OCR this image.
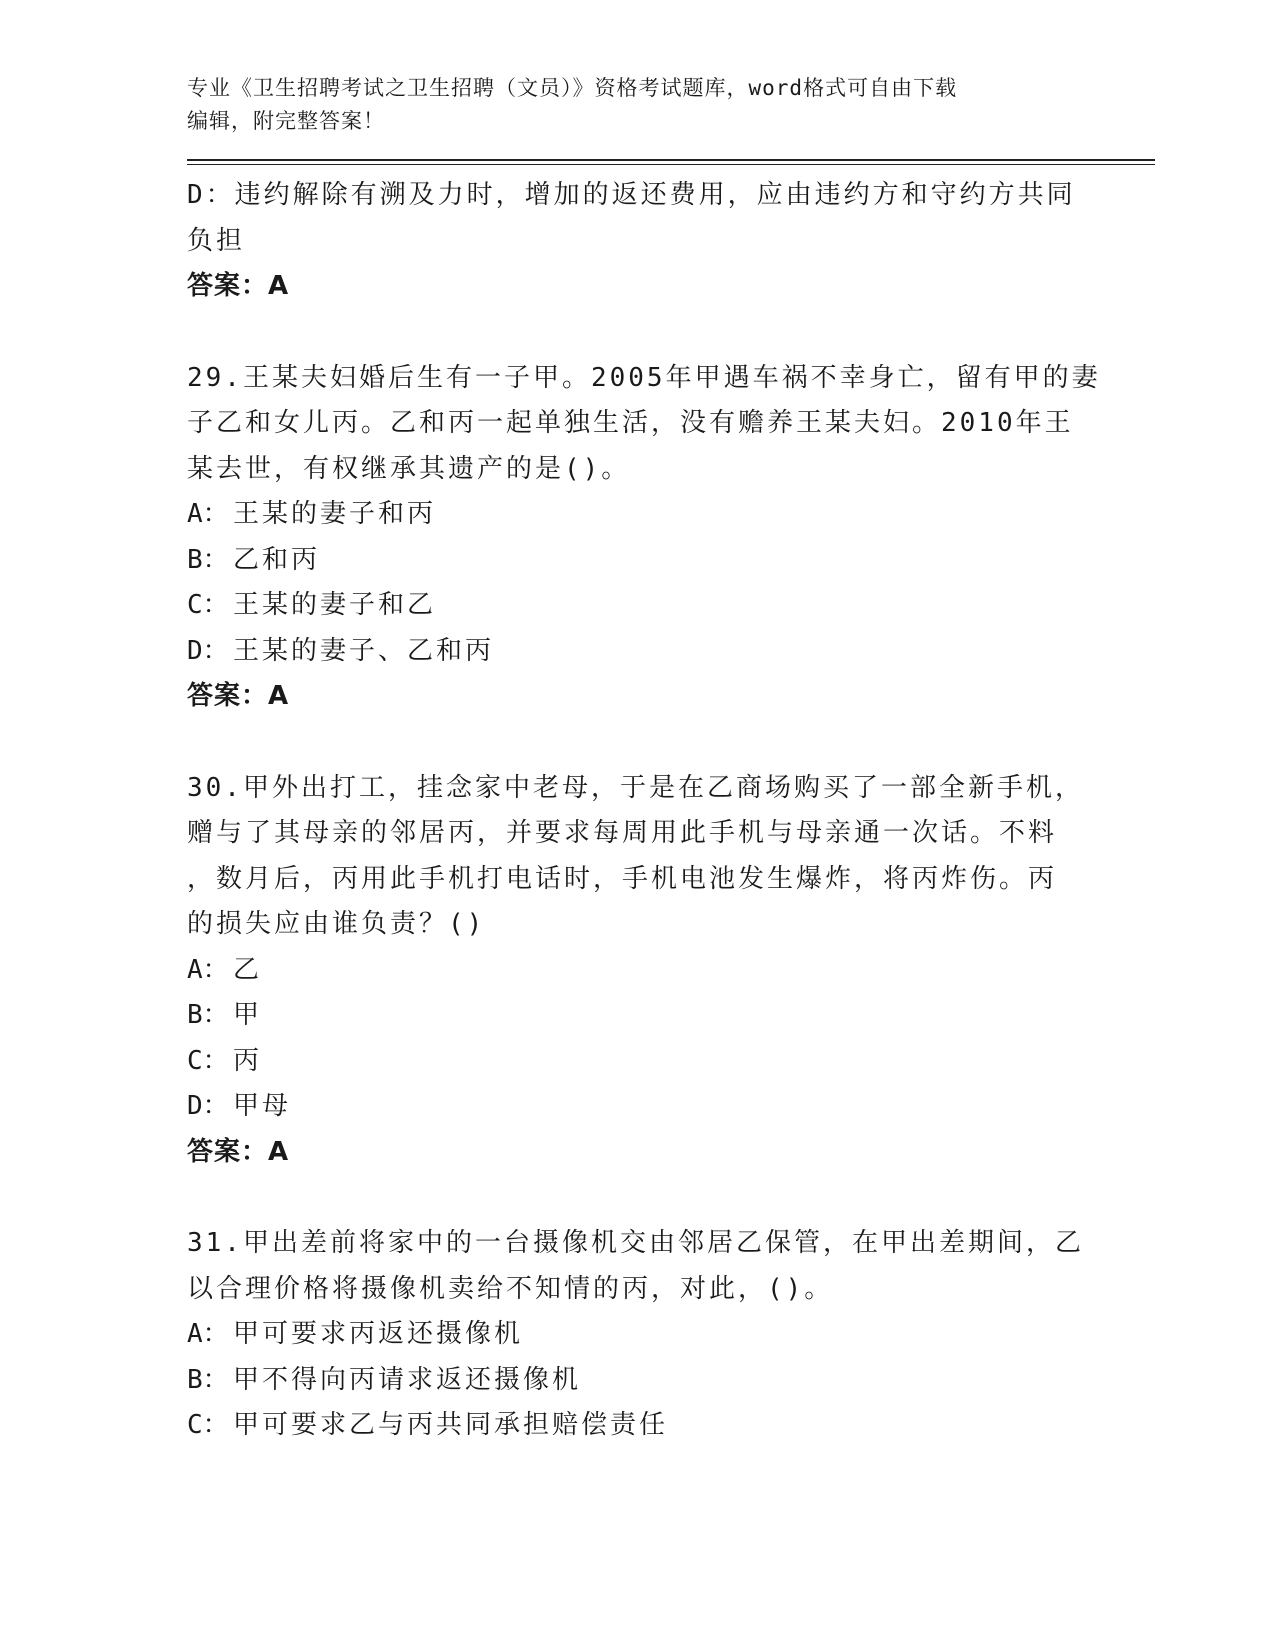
专业《卫生招聘考试之卫生招聘（文员）》资格考试题库，word格式可自由下载
编辑，附完整答案！

D：违约解除有溯及力时，增加的返还费用，应由违约方和守约方共同
负担
答案：A
29.王某夫妇婚后生有一子甲。2005年甲遇车祸不幸身亡，留有甲的妻
子乙和女儿丙。乙和丙一起单独生活，没有赡养王某夫妇。2010年王
某去世，有权继承其遗产的是()。
A： 王某的妻子和丙
B： 乙和丙
C： 王某的妻子和乙
D： 王某的妻子、乙和丙
答案：A
30.甲外出打工，挂念家中老母，于是在乙商场购买了一部全新手机，
赠与了其母亲的邻居丙，并要求每周用此手机与母亲通一次话。不料
，数月后，丙用此手机打电话时，手机电池发生爆炸，将丙炸伤。丙
的损失应由谁负责？()
A： 乙
B： 甲
C： 丙
D： 甲母
答案：A
31.甲出差前将家中的一台摄像机交由邻居乙保管，在甲出差期间，乙
以合理价格将摄像机卖给不知情的丙，对此，()。
A： 甲可要求丙返还摄像机
B： 甲不得向丙请求返还摄像机
C： 甲可要求乙与丙共同承担赔偿责任
